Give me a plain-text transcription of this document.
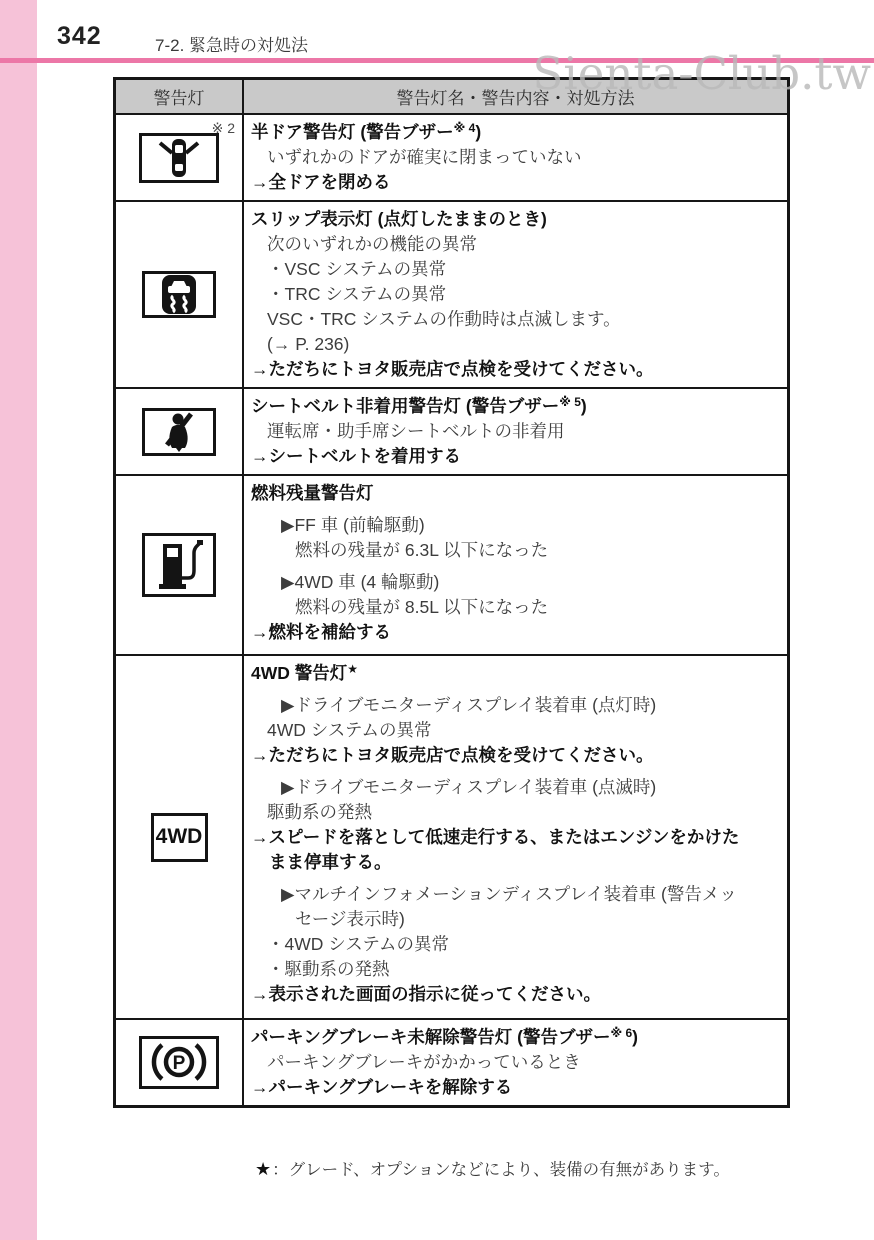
342	7-2. 緊急時の対処法
Sienta-Club.tw
警告灯	警告灯名・警告内容・対処方法
※ 2 半ドア警告灯 (警告ブザー$^{※ 4}$)
いずれかのドアが確実に閉まっていない
→全ドアを閉める
スリップ表示灯 (点灯したままのとき)
次のいずれかの機能の異常
・VSC システムの異常
・TRC システムの異常
VSC・TRC システムの作動時は点滅します。
(→ P. 236)
→ただちにトヨタ販売店で点検を受けてください。
シートベルト非着用警告灯 (警告ブザー$^{※ 5}$)
運転席・助手席シートベルトの非着用
→シートベルトを着用する
燃料残量警告灯
▶FF 車 (前輪駆動)
燃料の残量が 6.3L 以下になった
▶4WD 車 (4 輪駆動)
燃料の残量が 8.5L 以下になった
→燃料を補給する
4WD
4WD 警告灯★
▶ドライブモニターディスプレイ装着車 (点灯時)
4WD システムの異常
→ただちにトヨタ販売店で点検を受けてください。
▶ドライブモニターディスプレイ装着車 (点滅時)
駆動系の発熱
→スピードを落として低速走行する、またはエンジンをかけた
まま停車する。
▶マルチインフォメーションディスプレイ装着車 (警告メッ
セージ表示時)
・4WD システムの異常
・駆動系の発熱
→表示された画面の指示に従ってください。
P
パーキングブレーキ未解除警告灯 (警告ブザー$^{※ 6}$)
パーキングブレーキがかかっているとき
→パーキングブレーキを解除する
★：グレード、オプションなどにより、装備の有無があります。
